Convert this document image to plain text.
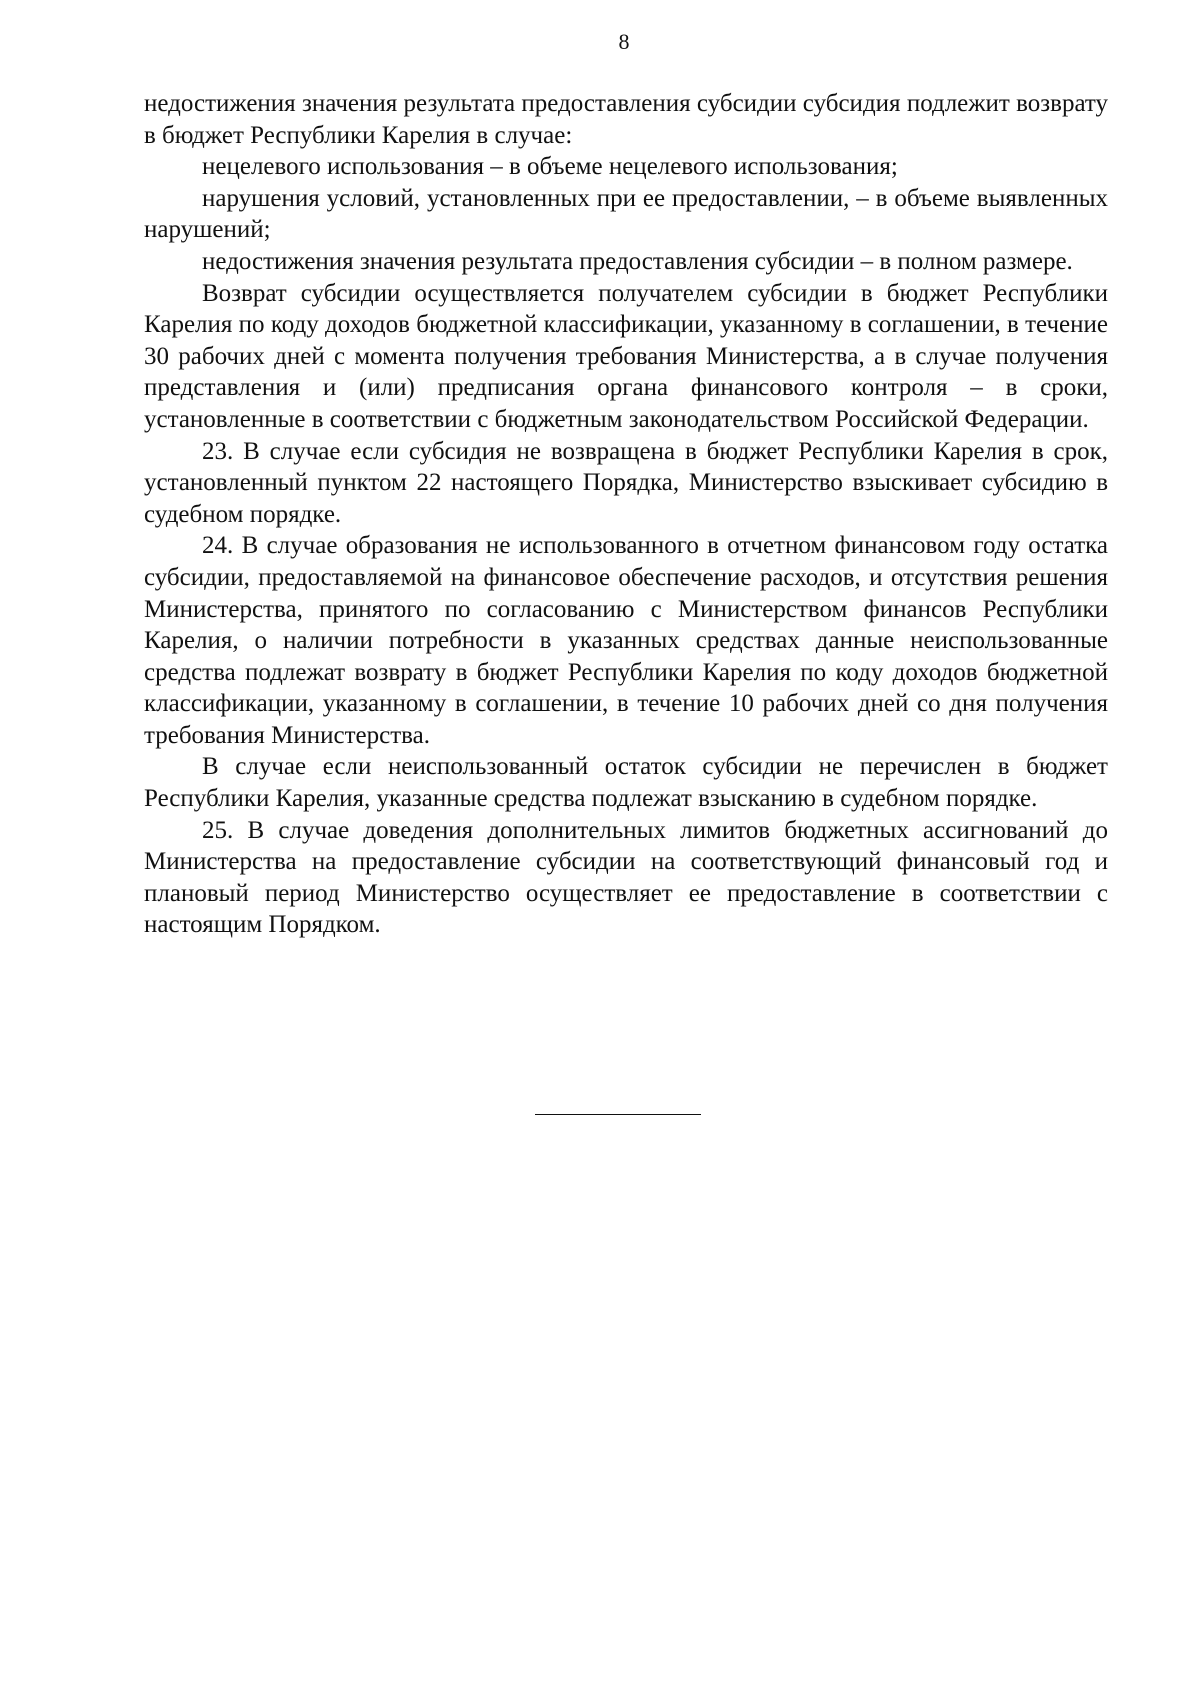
8

недостижения значения результата предоставления субсидии субсидия подлежит возврату в бюджет Республики Карелия в случае:

нецелевого использования – в объеме нецелевого использования;

нарушения условий, установленных при ее предоставлении, – в объеме выявленных нарушений;

недостижения значения результата предоставления субсидии – в полном размере.

Возврат субсидии осуществляется получателем субсидии в бюджет Республики Карелия по коду доходов бюджетной классификации, указанному в соглашении, в течение 30 рабочих дней с момента получения требования Министерства, а в случае получения представления и (или) предписания органа финансового контроля – в сроки, установленные в соответствии с бюджетным законодательством Российской Федерации.

23. В случае если субсидия не возвращена в бюджет Республики Карелия в срок, установленный пунктом 22 настоящего Порядка, Министерство взыскивает субсидию в судебном порядке.

24. В случае образования не использованного в отчетном финансовом году остатка субсидии, предоставляемой на финансовое обеспечение расходов, и отсутствия решения Министерства, принятого по согласованию с Министерством финансов Республики Карелия, о наличии потребности в указанных средствах данные неиспользованные средства подлежат возврату в бюджет Республики Карелия по коду доходов бюджетной классификации, указанному в соглашении, в течение 10 рабочих дней со дня получения требования Министерства.

В случае если неиспользованный остаток субсидии не перечислен в бюджет Республики Карелия, указанные средства подлежат взысканию в судебном порядке.

25. В случае доведения дополнительных лимитов бюджетных ассигнований до Министерства на предоставление субсидии на соответствующий финансовый год и плановый период Министерство осуществляет ее предоставление в соответствии с настоящим Порядком.
